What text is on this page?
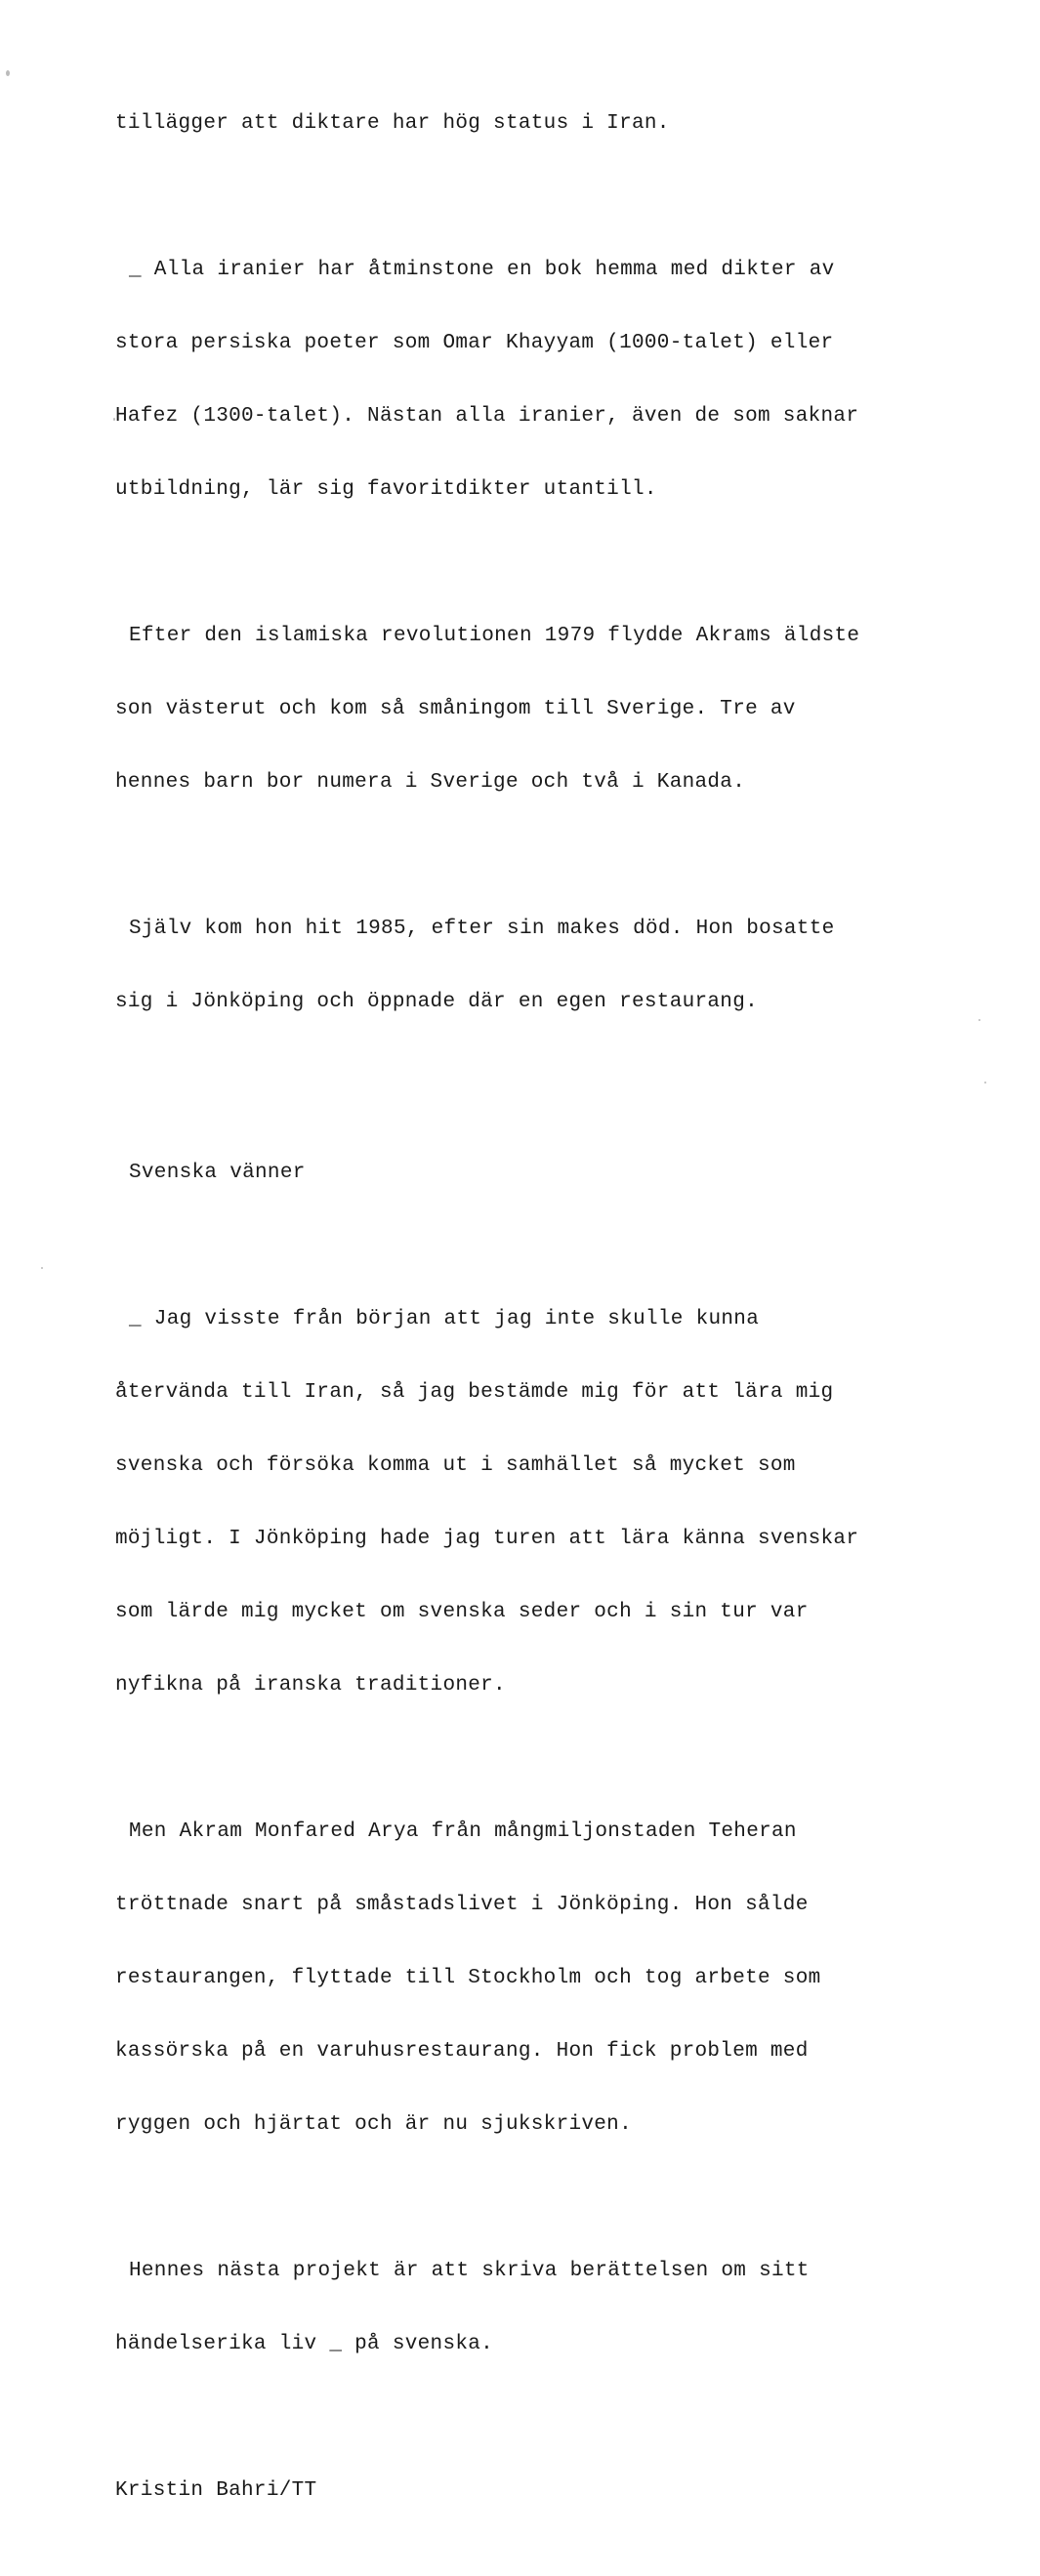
tillägger att diktare har hög status i Iran.

_ Alla iranier har åtminstone en bok hemma med dikter av

stora persiska poeter som Omar Khayyam (1000-talet) eller

Hafez (1300-talet). Nästan alla iranier, även de som saknar

utbildning, lär sig favoritdikter utantill.

Efter den islamiska revolutionen 1979 flydde Akrams äldste

son västerut och kom så småningom till Sverige. Tre av

hennes barn bor numera i Sverige och två i Kanada.

Själv kom hon hit 1985, efter sin makes död. Hon bosatte

sig i Jönköping och öppnade där en egen restaurang.

Svenska vänner

_ Jag visste från början att jag inte skulle kunna

återvända till Iran, så jag bestämde mig för att lära mig

svenska och försöka komma ut i samhället så mycket som

möjligt. I Jönköping hade jag turen att lära känna svenskar

som lärde mig mycket om svenska seder och i sin tur var

nyfikna på iranska traditioner.

Men Akram Monfared Arya från mångmiljonstaden Teheran

tröttnade snart på småstadslivet i Jönköping. Hon sålde

restaurangen, flyttade till Stockholm och tog arbete som

kassörska på en varuhusrestaurang. Hon fick problem med

ryggen och hjärtat och är nu sjukskriven.

Hennes nästa projekt är att skriva berättelsen om sitt

händelserika liv _ på svenska.

Kristin Bahri/TT
